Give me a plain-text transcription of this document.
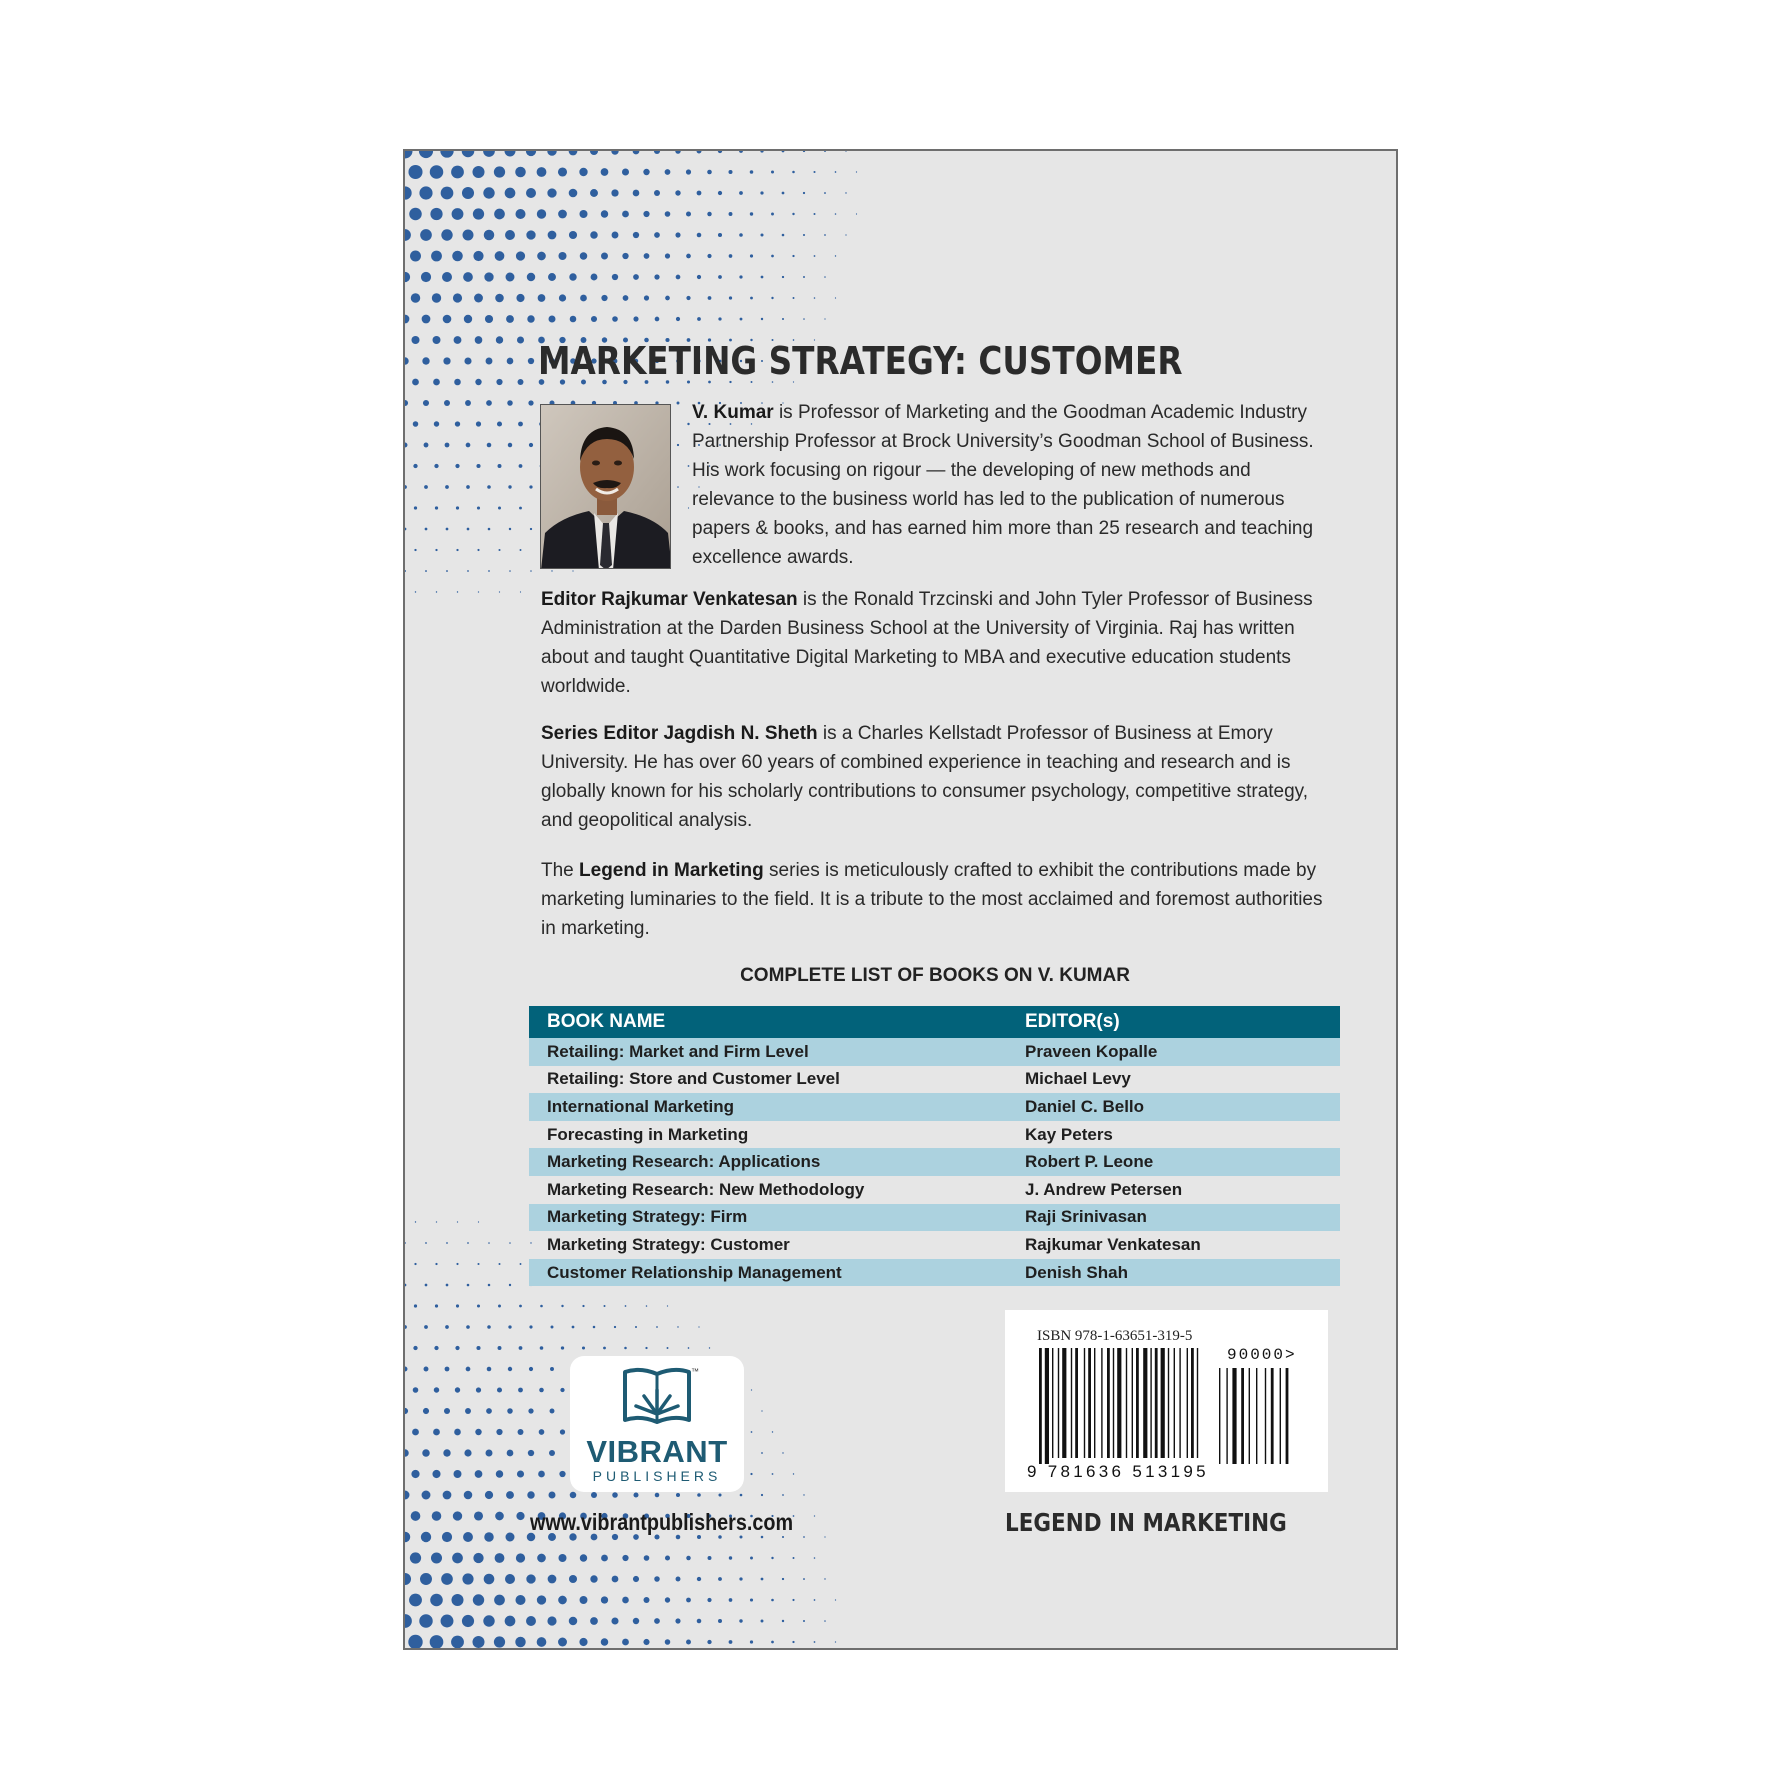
MARKETING STRATEGY: CUSTOMER

V. Kumar is Professor of Marketing and the Goodman Academic Industry Partnership Professor at Brock University’s Goodman School of Business. His work focusing on rigour — the developing of new methods and relevance to the business world has led to the publication of numerous papers & books, and has earned him more than 25 research and teaching excellence awards.

Editor Rajkumar Venkatesan is the Ronald Trzcinski and John Tyler Professor of Business Administration at the Darden Business School at the University of Virginia. Raj has written about and taught Quantitative Digital Marketing to MBA and executive education students worldwide.

Series Editor Jagdish N. Sheth is a Charles Kellstadt Professor of Business at Emory University. He has over 60 years of combined experience in teaching and research and is globally known for his scholarly contributions to consumer psychology, competitive strategy, and geopolitical analysis.

The Legend in Marketing series is meticulously crafted to exhibit the contributions made by marketing luminaries to the field. It is a tribute to the most acclaimed and foremost authorities in marketing.

COMPLETE LIST OF BOOKS ON V. KUMAR
BOOK NAME	EDITOR(s)
Retailing: Market and Firm Level	Praveen Kopalle
Retailing: Store and Customer Level	Michael Levy
International Marketing	Daniel C. Bello
Forecasting in Marketing	Kay Peters
Marketing Research: Applications	Robert P. Leone
Marketing Research: New Methodology	J. Andrew Petersen
Marketing Strategy: Firm	Raji Srinivasan
Marketing Strategy: Customer	Rajkumar Venkatesan
Customer Relationship Management	Denish Shah
™
VIBRANT
PUBLISHERS
www.vibrantpublishers.com
ISBN 978-1-63651-319-5
90000>
9 781636 513195
LEGEND IN MARKETING
